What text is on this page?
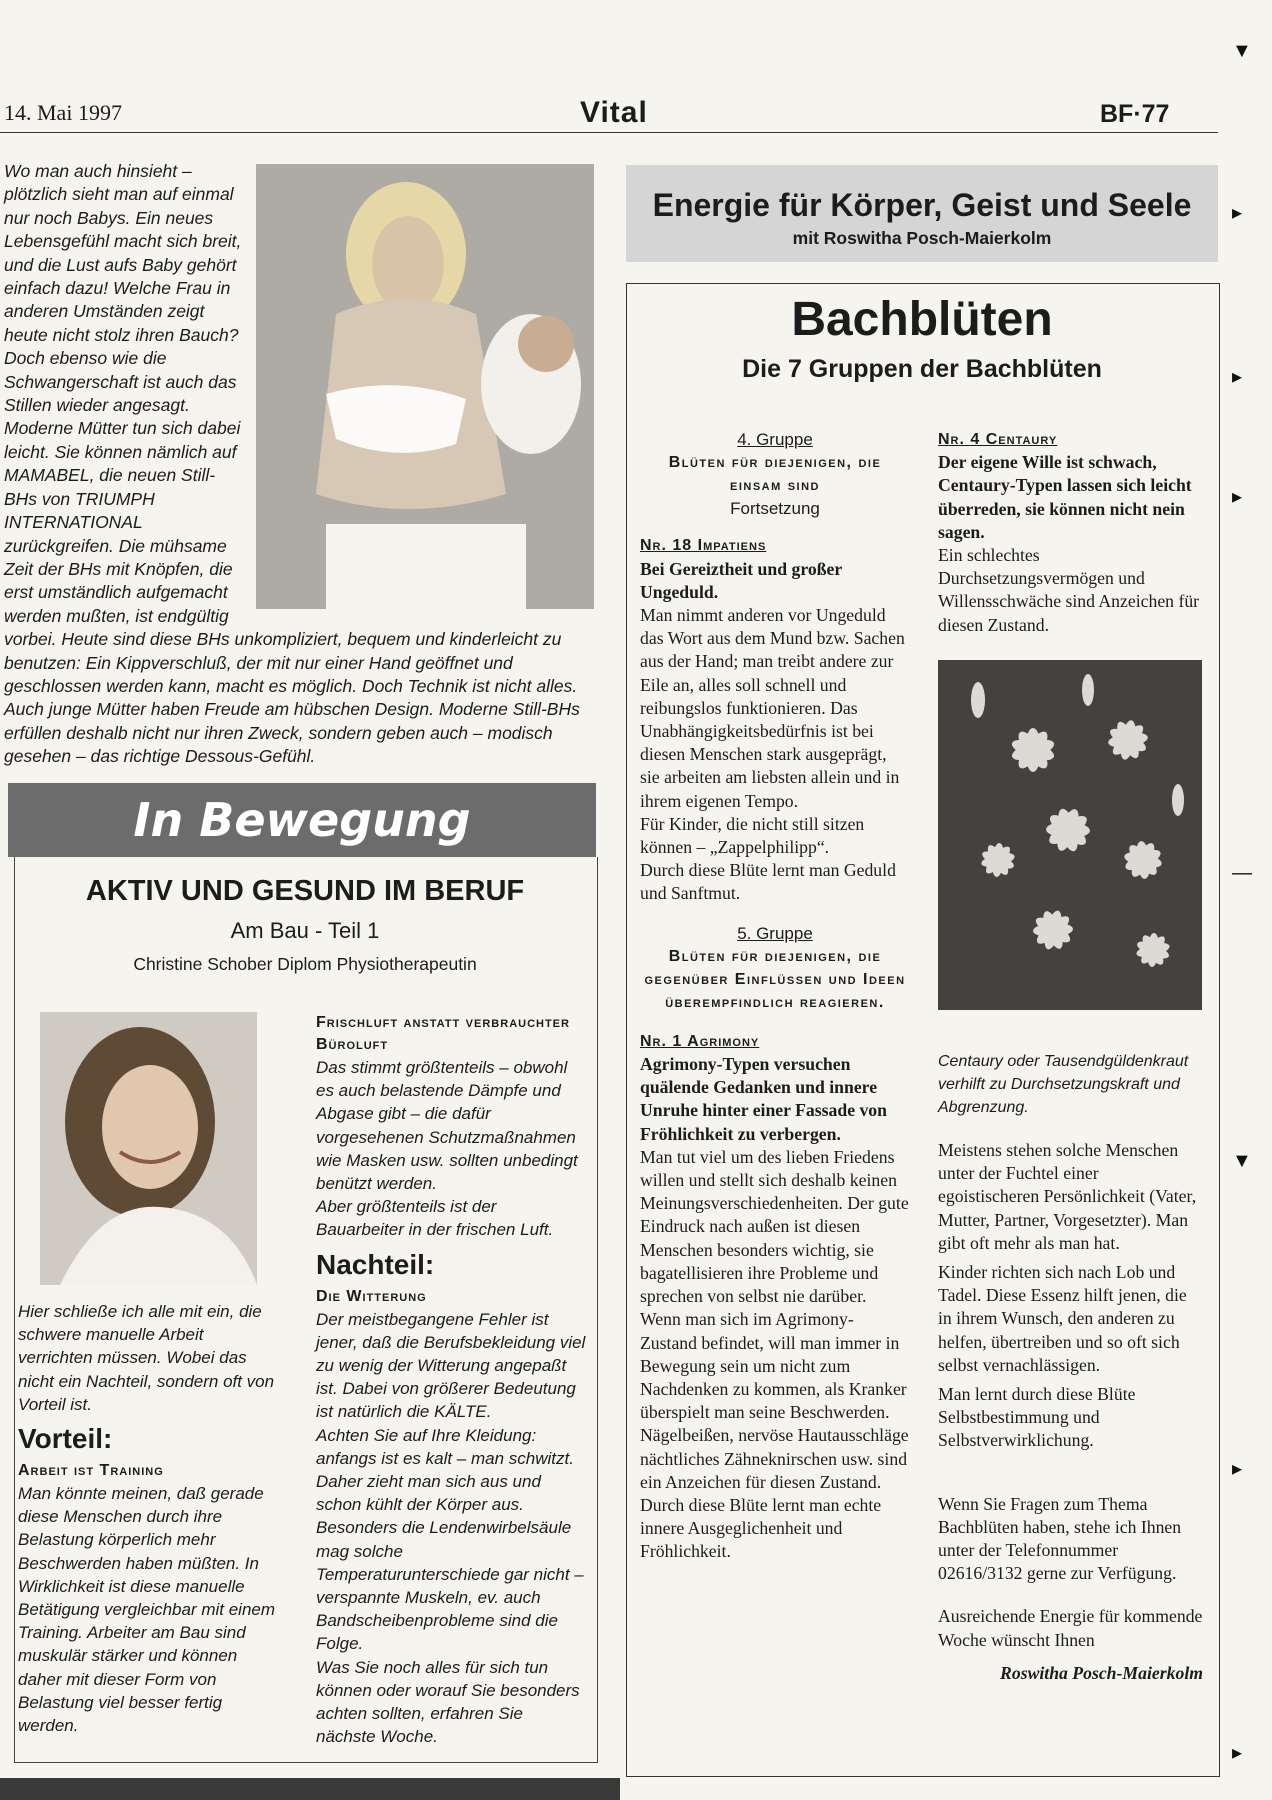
14. Mai 1997	Vital	BF·77

Wo man auch hinsieht – plötzlich sieht man auf einmal nur noch Babys. Ein neues Lebensgefühl macht sich breit, und die Lust aufs Baby gehört einfach dazu! Welche Frau in anderen Umständen zeigt heute nicht stolz ihren Bauch? Doch ebenso wie die Schwangerschaft ist auch das Stillen wieder angesagt. Moderne Mütter tun sich dabei leicht. Sie können nämlich auf MAMABEL, die neuen Still-BHs von TRIUMPH INTERNATIONAL zurückgreifen. Die mühsame Zeit der BHs mit Knöpfen, die erst umständlich aufgemacht werden mußten, ist endgültig vorbei. Heute sind diese BHs unkompliziert, bequem und kinderleicht zu benutzen: Ein Kippverschluß, der mit nur einer Hand geöffnet und geschlossen werden kann, macht es möglich. Doch Technik ist nicht alles. Auch junge Mütter haben Freude am hübschen Design. Moderne Still-BHs erfüllen deshalb nicht nur ihren Zweck, sondern geben auch – modisch gesehen – das richtige Dessous-Gefühl.

In Bewegung
AKTIV UND GESUND IM BERUF
Am Bau - Teil 1
Christine Schober Diplom Physiotherapeutin

Hier schließe ich alle mit ein, die schwere manuelle Arbeit verrichten müssen. Wobei das nicht ein Nachteil, sondern oft von Vorteil ist.

Vorteil:
Arbeit ist Training

Man könnte meinen, daß gerade diese Menschen durch ihre Belastung körperlich mehr Beschwerden haben müßten. In Wirklichkeit ist diese manuelle Betätigung vergleichbar mit einem Training. Arbeiter am Bau sind muskulär stärker und können daher mit dieser Form von Belastung viel besser fertig werden.

Frischluft anstatt verbrauchter Büroluft

Das stimmt größtenteils – obwohl es auch belastende Dämpfe und Abgase gibt – die dafür vorgesehenen Schutzmaßnahmen wie Masken usw. sollten unbedingt benützt werden.

Aber größtenteils ist der Bauarbeiter in der frischen Luft.

Nachteil:
Die Witterung

Der meistbegangene Fehler ist jener, daß die Berufsbekleidung viel zu wenig der Witterung angepaßt ist. Dabei von größerer Bedeutung ist natürlich die KÄLTE.

Achten Sie auf Ihre Kleidung: anfangs ist es kalt – man schwitzt. Daher zieht man sich aus und schon kühlt der Körper aus. Besonders die Lendenwirbelsäule mag solche Temperaturunterschiede gar nicht – verspannte Muskeln, ev. auch Bandscheibenprobleme sind die Folge.

Was Sie noch alles für sich tun können oder worauf Sie besonders achten sollten, erfahren Sie nächste Woche.

Energie für Körper, Geist und Seele
mit Roswitha Posch-Maierkolm
Bachblüten
Die 7 Gruppen der Bachblüten
4. Gruppe
Blüten für diejenigen, die einsam sind
Fortsetzung
Nr. 18 Impatiens

Bei Gereiztheit und großer Ungeduld.

Man nimmt anderen vor Ungeduld das Wort aus dem Mund bzw. Sachen aus der Hand; man treibt andere zur Eile an, alles soll schnell und reibungslos funktionieren. Das Unabhängigkeitsbedürfnis ist bei diesen Menschen stark ausgeprägt, sie arbeiten am liebsten allein und in ihrem eigenen Tempo.

Für Kinder, die nicht still sitzen können – „Zappelphilipp“.

Durch diese Blüte lernt man Geduld und Sanftmut.

5. Gruppe
Blüten für diejenigen, die gegenüber Einflüssen und Ideen überempfindlich reagieren.
Nr. 1 Agrimony

Agrimony-Typen versuchen quälende Gedanken und innere Unruhe hinter einer Fassade von Fröhlichkeit zu verbergen.

Man tut viel um des lieben Friedens willen und stellt sich deshalb keinen Meinungsverschiedenheiten. Der gute Eindruck nach außen ist diesen Menschen besonders wichtig, sie bagatellisieren ihre Probleme und sprechen von selbst nie darüber.

Wenn man sich im Agrimony-Zustand befindet, will man immer in Bewegung sein um nicht zum Nachdenken zu kommen, als Kranker überspielt man seine Beschwerden. Nägelbeißen, nervöse Hautausschläge nächtliches Zähneknirschen usw. sind ein Anzeichen für diesen Zustand.

Durch diese Blüte lernt man echte innere Ausgeglichenheit und Fröhlichkeit.

Nr. 4 Centaury

Der eigene Wille ist schwach, Centaury-Typen lassen sich leicht überreden, sie können nicht nein sagen.

Ein schlechtes Durchsetzungsvermögen und Willensschwäche sind Anzeichen für diesen Zustand.

Centaury oder Tausendgüldenkraut verhilft zu Durchsetzungskraft und Abgrenzung.

Meistens stehen solche Menschen unter der Fuchtel einer egoistischeren Persönlichkeit (Vater, Mutter, Partner, Vorgesetzter). Man gibt oft mehr als man hat.

Kinder richten sich nach Lob und Tadel. Diese Essenz hilft jenen, die in ihrem Wunsch, den anderen zu helfen, übertreiben und so oft sich selbst vernachlässigen.

Man lernt durch diese Blüte Selbstbestimmung und Selbstverwirklichung.

Wenn Sie Fragen zum Thema Bachblüten haben, stehe ich Ihnen unter der Telefonnummer 02616/3132 gerne zur Verfügung.

Ausreichende Energie für kommende Woche wünscht Ihnen

Roswitha Posch-Maierkolm

▼
▸
▸
▸
—
▼
▸
▸
